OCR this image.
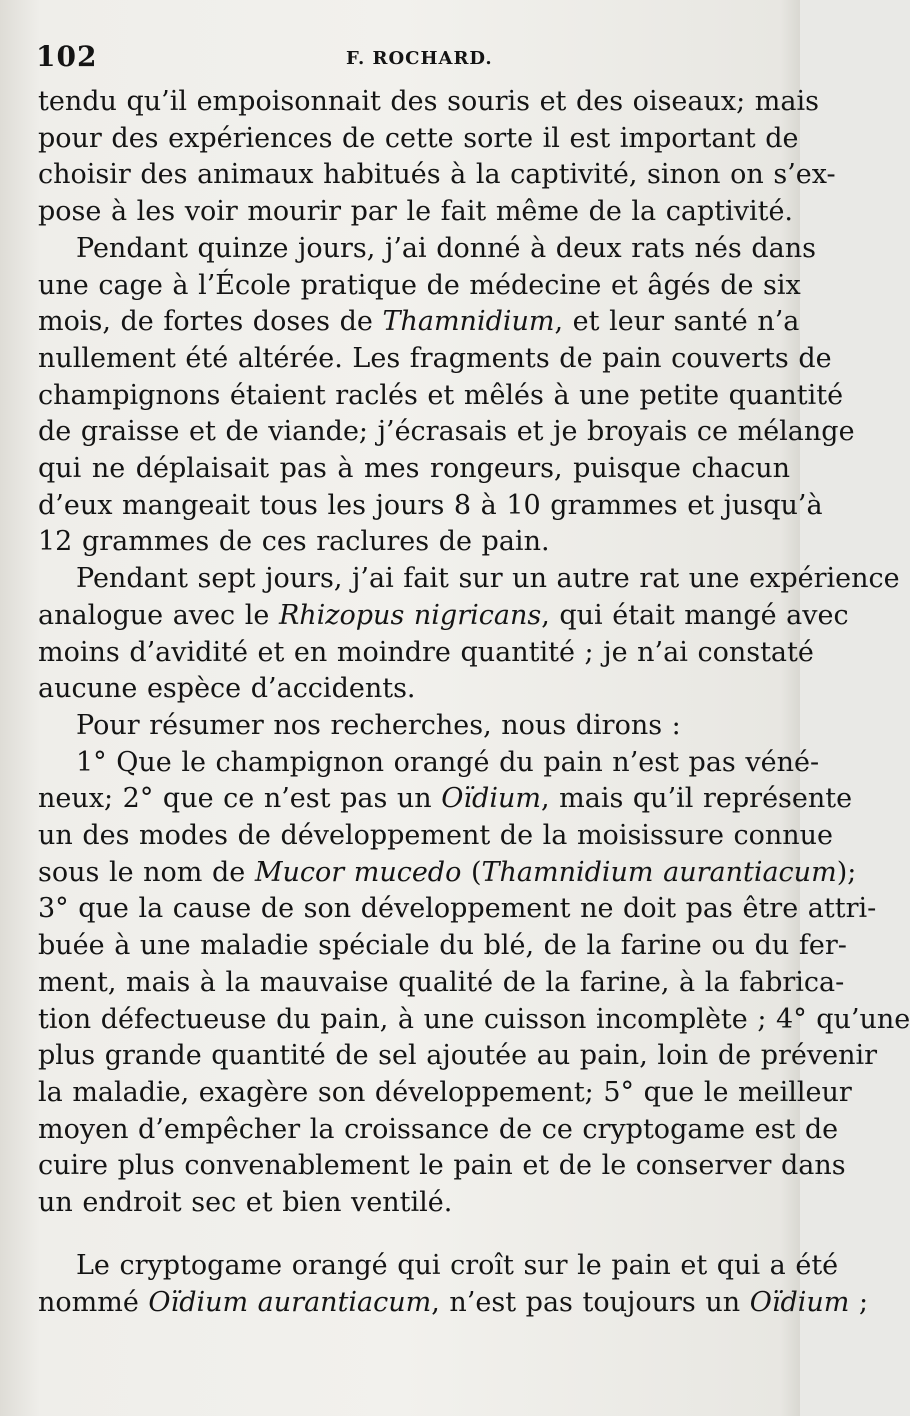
102	F. ROCHARD.
tendu qu’il empoisonnait des souris et des oiseaux; mais
pour des expériences de cette sorte il est important de
choisir des animaux habitués à la captivité, sinon on s’ex-
pose à les voir mourir par le fait même de la captivité.
Pendant quinze jours, j’ai donné à deux rats nés dans
une cage à l’École pratique de médecine et âgés de six
mois, de fortes doses de Thamnidium, et leur santé n’a
nullement été altérée. Les fragments de pain couverts de
champignons étaient raclés et mêlés à une petite quantité
de graisse et de viande; j’écrasais et je broyais ce mélange
qui ne déplaisait pas à mes rongeurs, puisque chacun
d’eux mangeait tous les jours 8 à 10 grammes et jusqu’à
12 grammes de ces raclures de pain.
Pendant sept jours, j’ai fait sur un autre rat une expérience
analogue avec le Rhizopus nigricans, qui était mangé avec
moins d’avidité et en moindre quantité ; je n’ai constaté
aucune espèce d’accidents.
Pour résumer nos recherches, nous dirons :
1° Que le champignon orangé du pain n’est pas véné-
neux; 2° que ce n’est pas un Oïdium, mais qu’il représente
un des modes de développement de la moisissure connue
sous le nom de Mucor mucedo (Thamnidium aurantiacum);
3° que la cause de son développement ne doit pas être attri-
buée à une maladie spéciale du blé, de la farine ou du fer-
ment, mais à la mauvaise qualité de la farine, à la fabrica-
tion défectueuse du pain, à une cuisson incomplète ; 4° qu’une
plus grande quantité de sel ajoutée au pain, loin de prévenir
la maladie, exagère son développement; 5° que le meilleur
moyen d’empêcher la croissance de ce cryptogame est de
cuire plus convenablement le pain et de le conserver dans
un endroit sec et bien ventilé.
Le cryptogame orangé qui croît sur le pain et qui a été
nommé Oïdium aurantiacum, n’est pas toujours un Oïdium ;
